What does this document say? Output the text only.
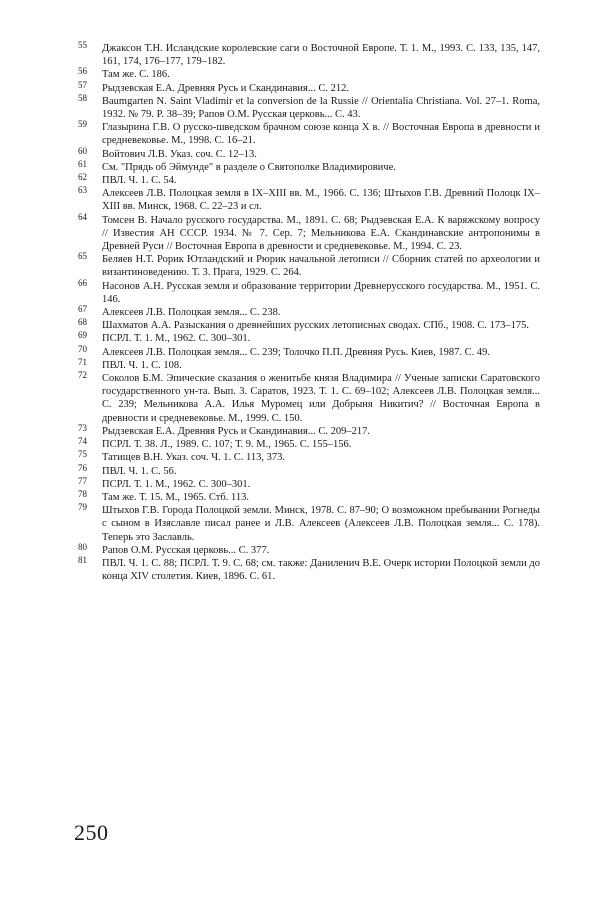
55	Джаксон Т.Н. Исландские королевские саги о Восточной Европе. Т. 1. М., 1993. С. 133, 135, 147, 161, 174, 176–177, 179–182.
56	Там же. С. 186.
57	Рыдзевская Е.А. Древняя Русь и Скандинавия... С. 212.
58	Baumgarten N. Saint Vladimir et la conversion de la Russie // Orientalia Christiana. Vol. 27–1. Roma, 1932. № 79. P. 38–39; Рапов О.М. Русская церковь... С. 43.
59	Глазырина Г.В. О русско-шведском брачном союзе конца X в. // Восточная Европа в древности и средневековье. М., 1998. С. 16–21.
60	Войтович Л.В. Указ. соч. С. 12–13.
61	См. "Прядь об Эймунде" в разделе о Святополке Владимировиче.
62	ПВЛ. Ч. 1. С. 54.
63	Алексеев Л.В. Полоцкая земля в IX–XIII вв. М., 1966. С. 136; Штыхов Г.В. Древний Полоцк IX–XIII вв. Минск, 1968. С. 22–23 и сл.
64	Томсен В. Начало русского государства. М., 1891. С. 68; Рыдзевская Е.А. К варяжскому вопросу // Известия АН СССР. 1934. № 7. Сер. 7; Мельникова Е.А. Скандинавские антропонимы в Древней Руси // Восточная Европа в древности и средневековье. М., 1994. С. 23.
65	Беляев Н.Т. Рорик Ютландский и Рюрик начальной летописи // Сборник статей по археологии и византиноведению. Т. 3. Прага, 1929. С. 264.
66	Насонов А.Н. Русская земля и образование территории Древнерусского государства. М., 1951. С. 146.
67	Алексеев Л.В. Полоцкая земля... С. 238.
68	Шахматов А.А. Разыскания о древнейших русских летописных сводах. СПб., 1908. С. 173–175.
69	ПСРЛ. Т. 1. М., 1962. С. 300–301.
70	Алексеев Л.В. Полоцкая земля... С. 239; Толочко П.П. Древняя Русь. Киев, 1987. С. 49.
71	ПВЛ. Ч. 1. С. 108.
72	Соколов Б.М. Эпические сказания о женитьбе князя Владимира // Ученые записки Саратовского государственного ун-та. Вып. 3. Саратов, 1923. Т. 1. С. 69–102; Алексеев Л.В. Полоцкая земля... С. 239; Мельникова А.А. Илья Муромец или Добрыня Никитич? // Восточная Европа в древности и средневековье. М., 1999. С. 150.
73	Рыдзевская Е.А. Древняя Русь и Скандинавия... С. 209–217.
74	ПСРЛ. Т. 38. Л., 1989. С. 107; Т. 9. М., 1965. С. 155–156.
75	Татищев В.Н. Указ. соч. Ч. 1. С. 113, 373.
76	ПВЛ. Ч. 1. С. 56.
77	ПСРЛ. Т. 1. М., 1962. С. 300–301.
78	Там же. Т. 15. М., 1965. Стб. 113.
79	Штыхов Г.В. Города Полоцкой земли. Минск, 1978. С. 87–90; О возможном пребывании Рогнеды с сыном в Изяславле писал ранее и Л.В. Алексеев (Алексеев Л.В. Полоцкая земля... С. 178). Теперь это Заславль.
80	Рапов О.М. Русская церковь... С. 377.
81	ПВЛ. Ч. 1. С. 88; ПСРЛ. Т. 9. С. 68; см. также: Даниленич В.Е. Очерк истории Полоцкой земли до конца XIV столетия. Киев, 1896. С. 61.
250
